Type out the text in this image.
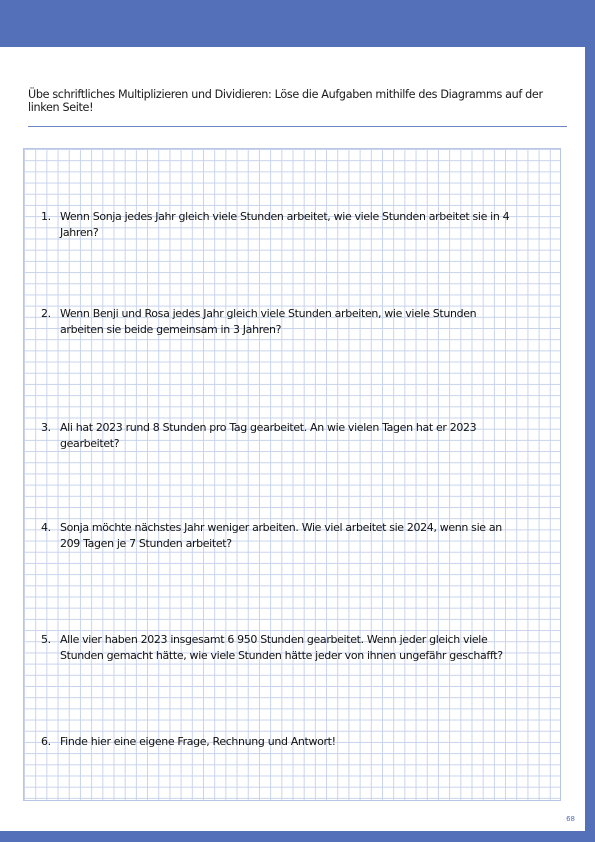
Übe schriftliches Multiplizieren und Dividieren: Löse die Aufgaben mithilfe des Diagramms auf der linken Seite!
1. Wenn Sonja jedes Jahr gleich viele Stunden arbeitet, wie viele Stunden arbeitet sie in 4 Jahren?
2. Wenn Benji und Rosa jedes Jahr gleich viele Stunden arbeiten, wie viele Stunden arbeiten sie beide gemeinsam in 3 Jahren?
3. Ali hat 2023 rund 8 Stunden pro Tag gearbeitet. An wie vielen Tagen hat er 2023 gearbeitet?
4. Sonja möchte nächstes Jahr weniger arbeiten. Wie viel arbeitet sie 2024, wenn sie an 209 Tagen je 7 Stunden arbeitet?
5. Alle vier haben 2023 insgesamt 6 950 Stunden gearbeitet. Wenn jeder gleich viele Stunden gemacht hätte, wie viele Stunden hätte jeder von ihnen ungefähr geschafft?
6. Finde hier eine eigene Frage, Rechnung und Antwort!
68
